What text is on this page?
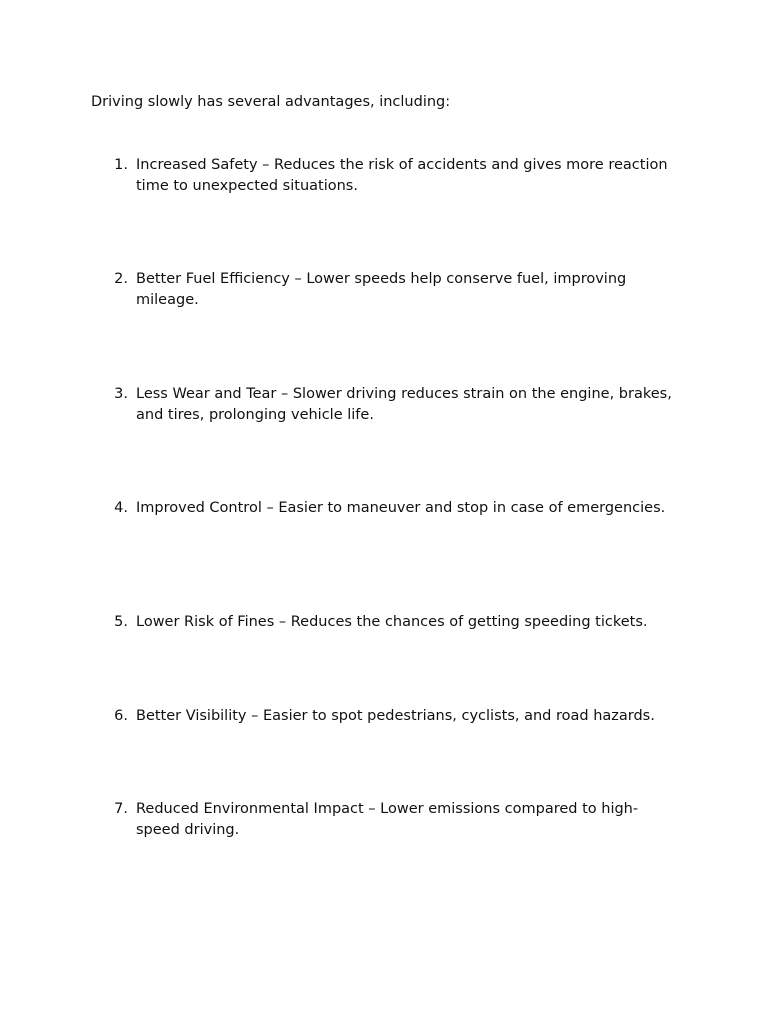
Driving slowly has several advantages, including:

1. Increased Safety – Reduces the risk of accidents and gives more reaction time to unexpected situations.
2. Better Fuel Efficiency – Lower speeds help conserve fuel, improving mileage.
3. Less Wear and Tear – Slower driving reduces strain on the engine, brakes, and tires, prolonging vehicle life.
4. Improved Control – Easier to maneuver and stop in case of emergencies.
5. Lower Risk of Fines – Reduces the chances of getting speeding tickets.
6. Better Visibility – Easier to spot pedestrians, cyclists, and road hazards.
7. Reduced Environmental Impact – Lower emissions compared to high-speed driving.
